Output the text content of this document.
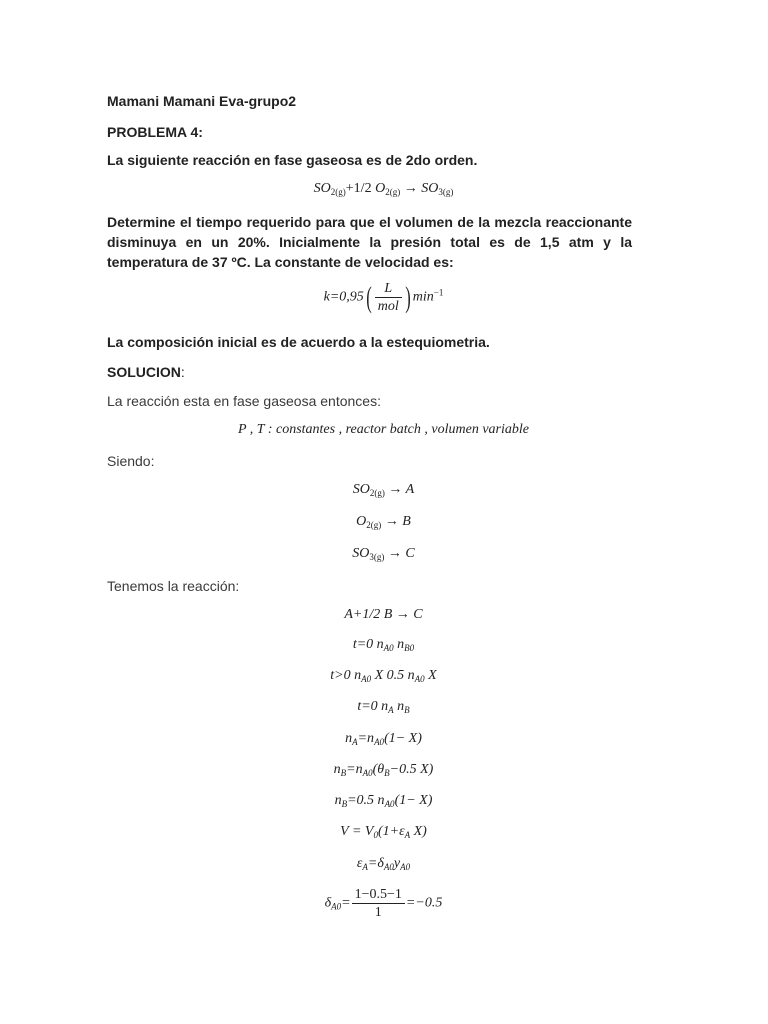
Mamani Mamani Eva-grupo2
PROBLEMA 4:
La siguiente reacción en fase gaseosa es de 2do orden.
$SO_{2(g)}+1/2$ $O_{2(g)} \to SO_{3(g)}$
Determine el tiempo requerido para que el volumen de la mezcla reaccionante disminuya en un 20%. Inicialmente la presión total es de 1,5 atm y la temperatura de 37 ºC. La constante de velocidad es:
$k=0,95( \frac{L}{\text{mol}}$ ) $\min^{-1}$
La composición inicial es de acuerdo a la estequiometria.
SOLUCION:
La reacción esta en fase gaseosa entonces:
P , T : constantes , reactor batch , volumen variable
Siendo:
$SO_{2(g)} \to A$
$O_{2(g)} \to B$
$SO_{3(g)} \to C$
Tenemos la reacción:
A+1/2 B → C
t=0 $n_{A0}$ $n_{B0}$
t>0 $n_{A0}$ X 0.5 $n_{A0}$ X
t=0 $n_A$ $n_B$
$n_A=n_{A0}(1- X)$
$n_B=n_{A0}(\theta_B-0.5$ X)
$n_B=0.5$ $n_{A0}(1- X)$
$V = V_0(1+\varepsilon_A$ X)
$\varepsilon_A=\delta_{A0}y_{A0}$
$\delta_{A0}= \frac{1-0.5-1}{1} =-0.5$
